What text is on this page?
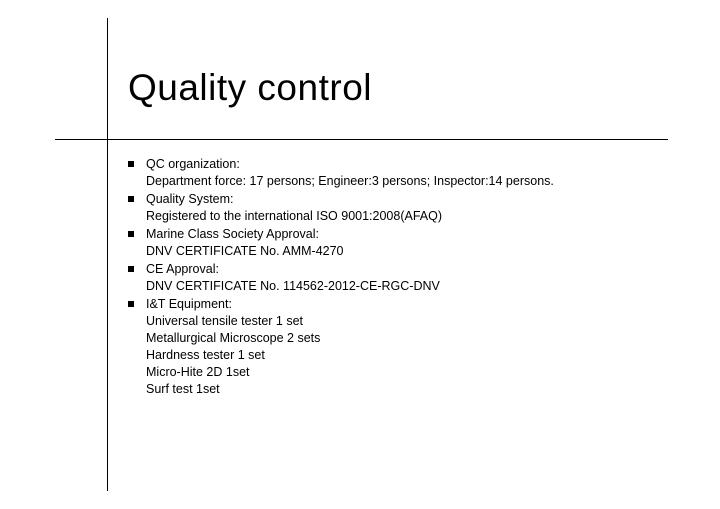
Quality control
QC organization:
Department force: 17 persons; Engineer:3 persons; Inspector:14 persons.
Quality System:
Registered to the international ISO 9001:2008(AFAQ)
Marine Class Society Approval:
DNV CERTIFICATE No. AMM-4270
CE Approval:
DNV CERTIFICATE No. 114562-2012-CE-RGC-DNV
I&T Equipment:
Universal tensile tester 1 set
Metallurgical Microscope 2 sets
Hardness tester 1 set
Micro-Hite 2D 1set
Surf test 1set
